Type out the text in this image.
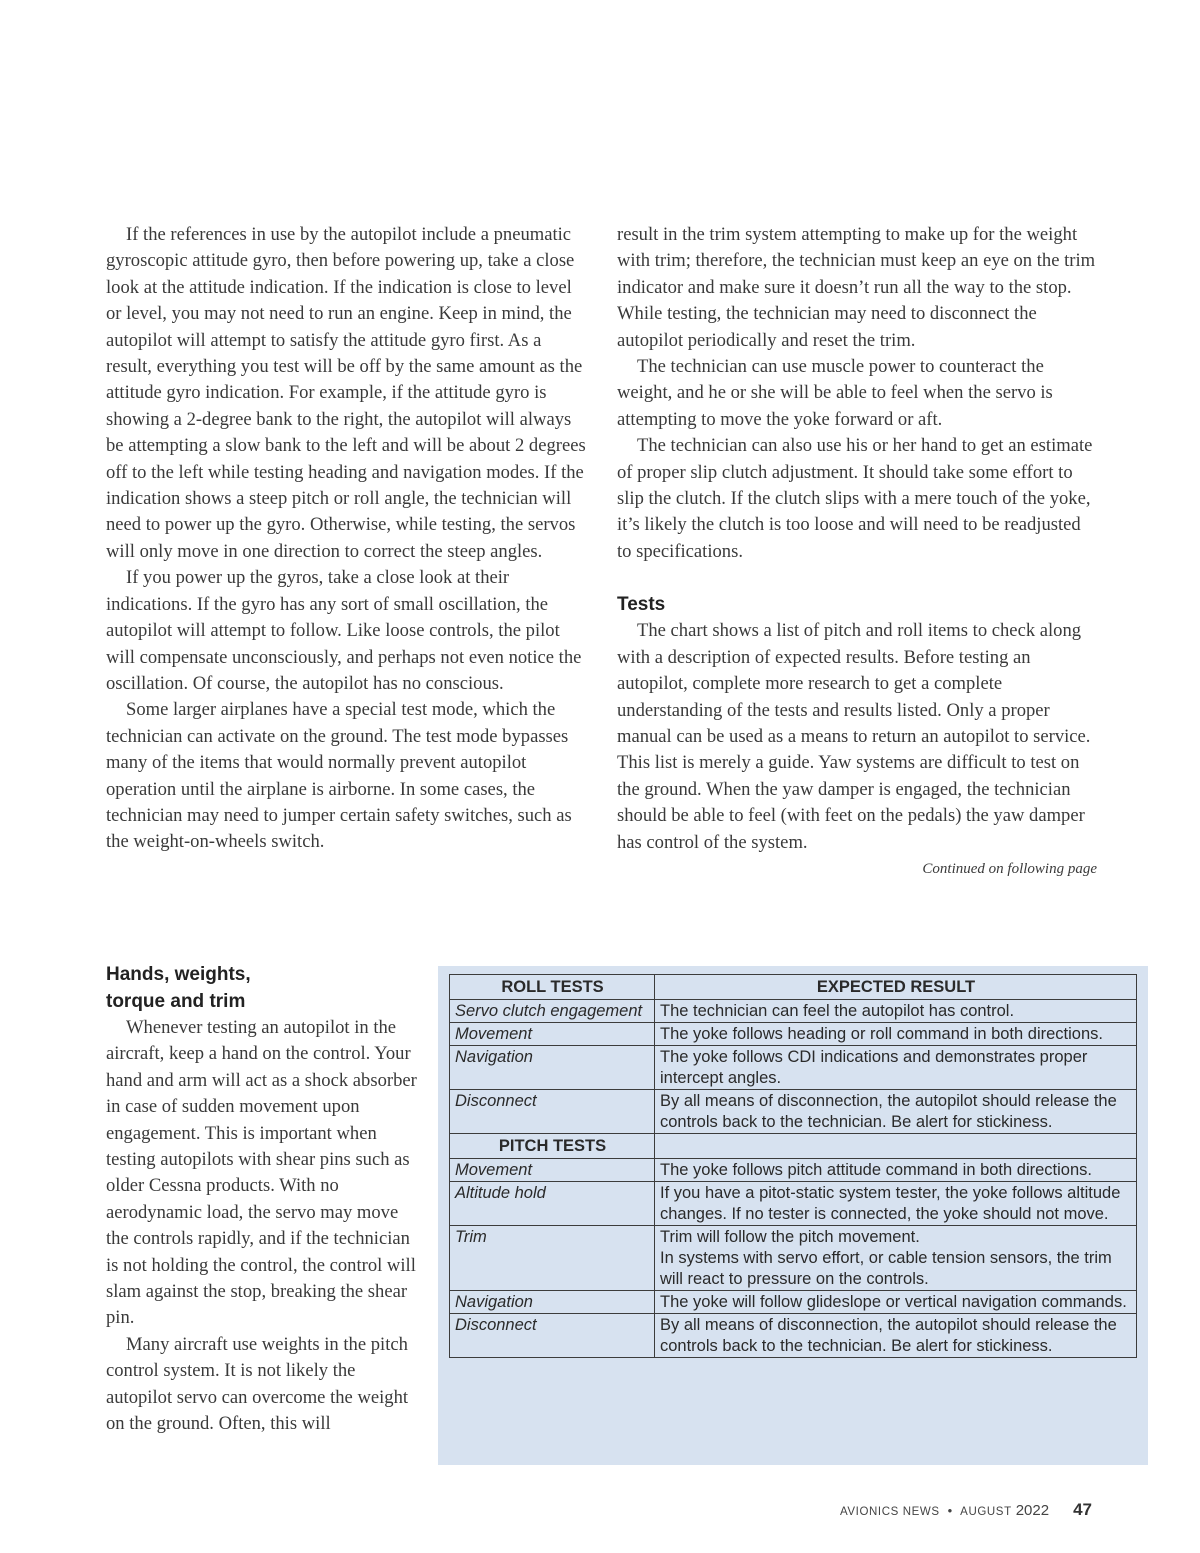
If the references in use by the autopilot include a pneumatic gyroscopic attitude gyro, then before powering up, take a close look at the attitude indication. If the indication is close to level or level, you may not need to run an engine. Keep in mind, the autopilot will attempt to satisfy the attitude gyro first. As a result, everything you test will be off by the same amount as the attitude gyro indication. For example, if the attitude gyro is showing a 2-degree bank to the right, the autopilot will always be attempting a slow bank to the left and will be about 2 degrees off to the left while testing heading and navigation modes. If the indication shows a steep pitch or roll angle, the technician will need to power up the gyro. Otherwise, while testing, the servos will only move in one direction to correct the steep angles.

If you power up the gyros, take a close look at their indications. If the gyro has any sort of small oscillation, the autopilot will attempt to follow. Like loose controls, the pilot will compensate unconsciously, and perhaps not even notice the oscillation. Of course, the autopilot has no conscious.

Some larger airplanes have a special test mode, which the technician can activate on the ground. The test mode bypasses many of the items that would normally prevent autopilot operation until the airplane is airborne. In some cases, the technician may need to jumper certain safety switches, such as the weight-on-wheels switch.

result in the trim system attempting to make up for the weight with trim; therefore, the technician must keep an eye on the trim indicator and make sure it doesn’t run all the way to the stop. While testing, the technician may need to disconnect the autopilot periodically and reset the trim.

The technician can use muscle power to counteract the weight, and he or she will be able to feel when the servo is attempting to move the yoke forward or aft.

The technician can also use his or her hand to get an estimate of proper slip clutch adjustment. It should take some effort to slip the clutch. If the clutch slips with a mere touch of the yoke, it’s likely the clutch is too loose and will need to be readjusted to specifications.

Tests

The chart shows a list of pitch and roll items to check along with a description of expected results. Before testing an autopilot, complete more research to get a complete understanding of the tests and results listed. Only a proper manual can be used as a means to return an autopilot to service. This list is merely a guide. Yaw systems are difficult to test on the ground. When the yaw damper is engaged, the technician should be able to feel (with feet on the pedals) the yaw damper has control of the system.

Continued on following page

Hands, weights,
torque and trim

Whenever testing an autopilot in the aircraft, keep a hand on the control. Your hand and arm will act as a shock absorber in case of sudden movement upon engagement. This is important when testing autopilots with shear pins such as older Cessna products. With no aerodynamic load, the servo may move the controls rapidly, and if the technician is not holding the control, the control will slam against the stop, breaking the shear pin.

Many aircraft use weights in the pitch control system. It is not likely the autopilot servo can overcome the weight on the ground. Often, this will

ROLL TESTS	EXPECTED RESULT
Servo clutch engagement	The technician can feel the autopilot has control.
Movement	The yoke follows heading or roll command in both directions.
Navigation	The yoke follows CDI indications and demonstrates proper intercept angles.
Disconnect	By all means of disconnection, the autopilot should release the controls back to the technician. Be alert for stickiness.
PITCH TESTS	
Movement	The yoke follows pitch attitude command in both directions.
Altitude hold	If you have a pitot-static system tester, the yoke follows altitude changes. If no tester is connected, the yoke should not move.
Trim	Trim will follow the pitch movement.
In systems with servo effort, or cable tension sensors, the trim will react to pressure on the controls.
Navigation	The yoke will follow glideslope or vertical navigation commands.
Disconnect	By all means of disconnection, the autopilot should release the controls back to the technician. Be alert for stickiness.
AVIONICS NEWS • AUGUST 2022 47
